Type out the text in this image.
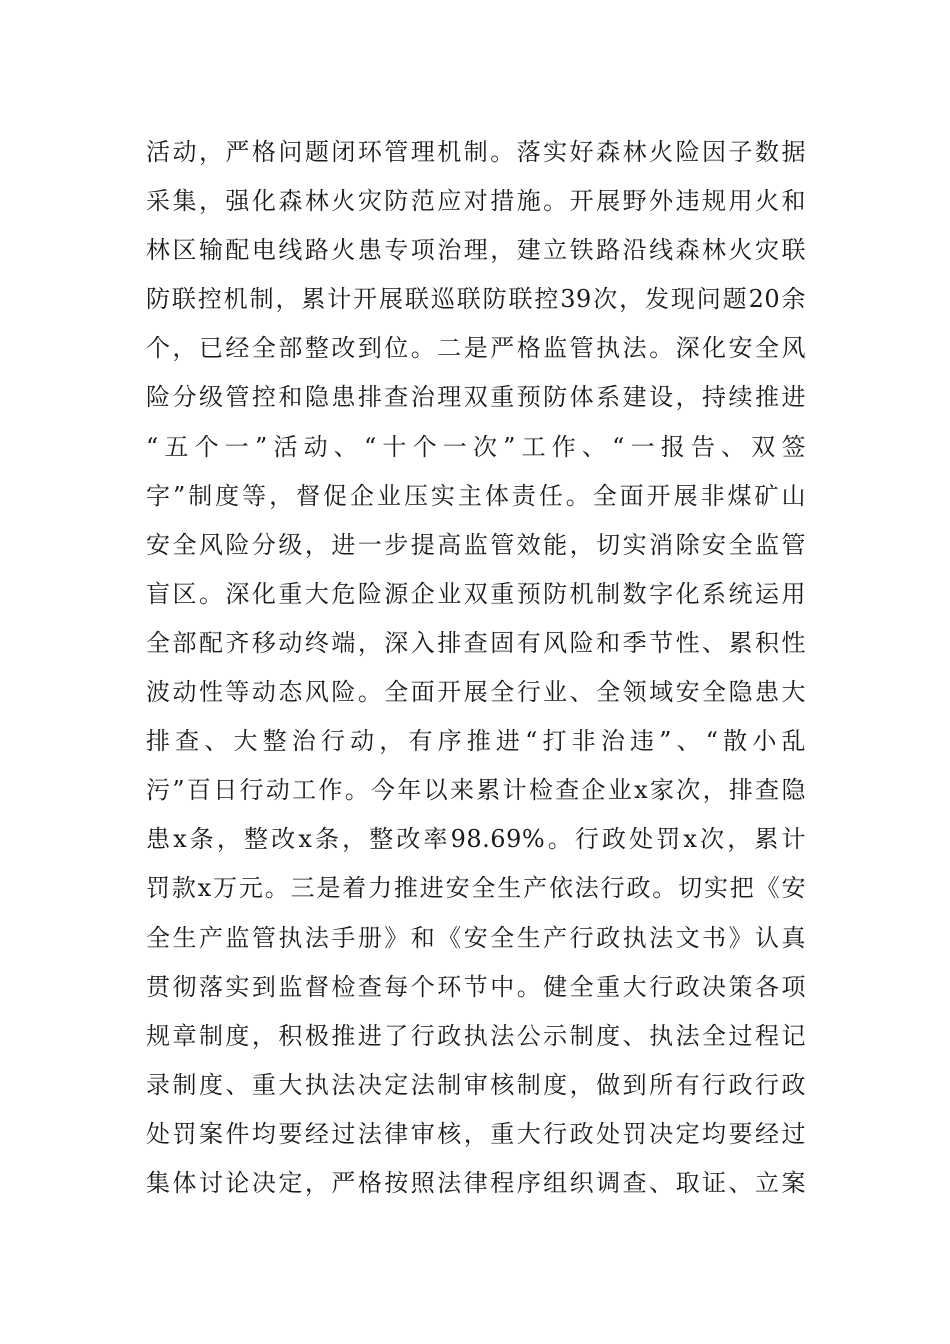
活动，严格问题闭环管理机制。落实好森林火险因子数据
采集，强化森林火灾防范应对措施。开展野外违规用火和
林区输配电线路火患专项治理，建立铁路沿线森林火灾联
防联控机制，累计开展联巡联防联控39次，发现问题20余
个，已经全部整改到位。二是严格监管执法。深化安全风
险分级管控和隐患排查治理双重预防体系建设，持续推进
“五个一”活动、“十个一次”工作、“一报告、双签
字”制度等，督促企业压实主体责任。全面开展非煤矿山
安全风险分级，进一步提高监管效能，切实消除安全监管
盲区。深化重大危险源企业双重预防机制数字化系统运用
全部配齐移动终端，深入排查固有风险和季节性、累积性
波动性等动态风险。全面开展全行业、全领域安全隐患大
排查、大整治行动，有序推进“打非治违”、“散小乱
污”百日行动工作。今年以来累计检查企业x家次，排查隐
患x条，整改x条，整改率98.69%。行政处罚x次，累计
罚款x万元。三是着力推进安全生产依法行政。切实把《安
全生产监管执法手册》和《安全生产行政执法文书》认真
贯彻落实到监督检查每个环节中。健全重大行政决策各项
规章制度，积极推进了行政执法公示制度、执法全过程记
录制度、重大执法决定法制审核制度，做到所有行政行政
处罚案件均要经过法律审核，重大行政处罚决定均要经过
集体讨论决定，严格按照法律程序组织调查、取证、立案
